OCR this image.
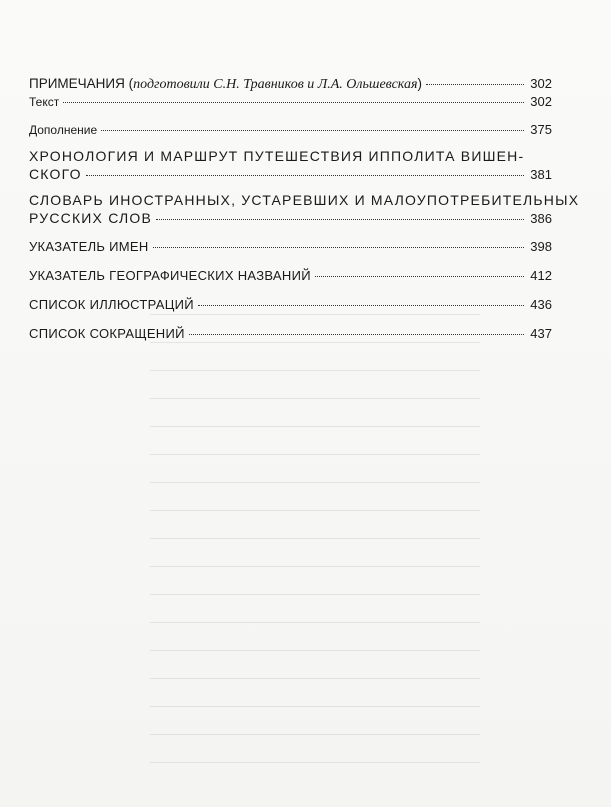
ПРИМЕЧАНИЯ (подготовили С.Н. Травников и Л.А. Ольшевская)	302
Текст	302
Дополнение	375
ХРОНОЛОГИЯ И МАРШРУТ ПУТЕШЕСТВИЯ ИППОЛИТА ВИШЕН-
СКОГО	381
СЛОВАРЬ ИНОСТРАННЫХ, УСТАРЕВШИХ И МАЛОУПОТРЕБИТЕЛЬНЫХ
РУССКИХ СЛОВ	386
УКАЗАТЕЛЬ ИМЕН	398
УКАЗАТЕЛЬ ГЕОГРАФИЧЕСКИХ НАЗВАНИЙ	412
СПИСОК ИЛЛЮСТРАЦИЙ	436
СПИСОК СОКРАЩЕНИЙ	437
